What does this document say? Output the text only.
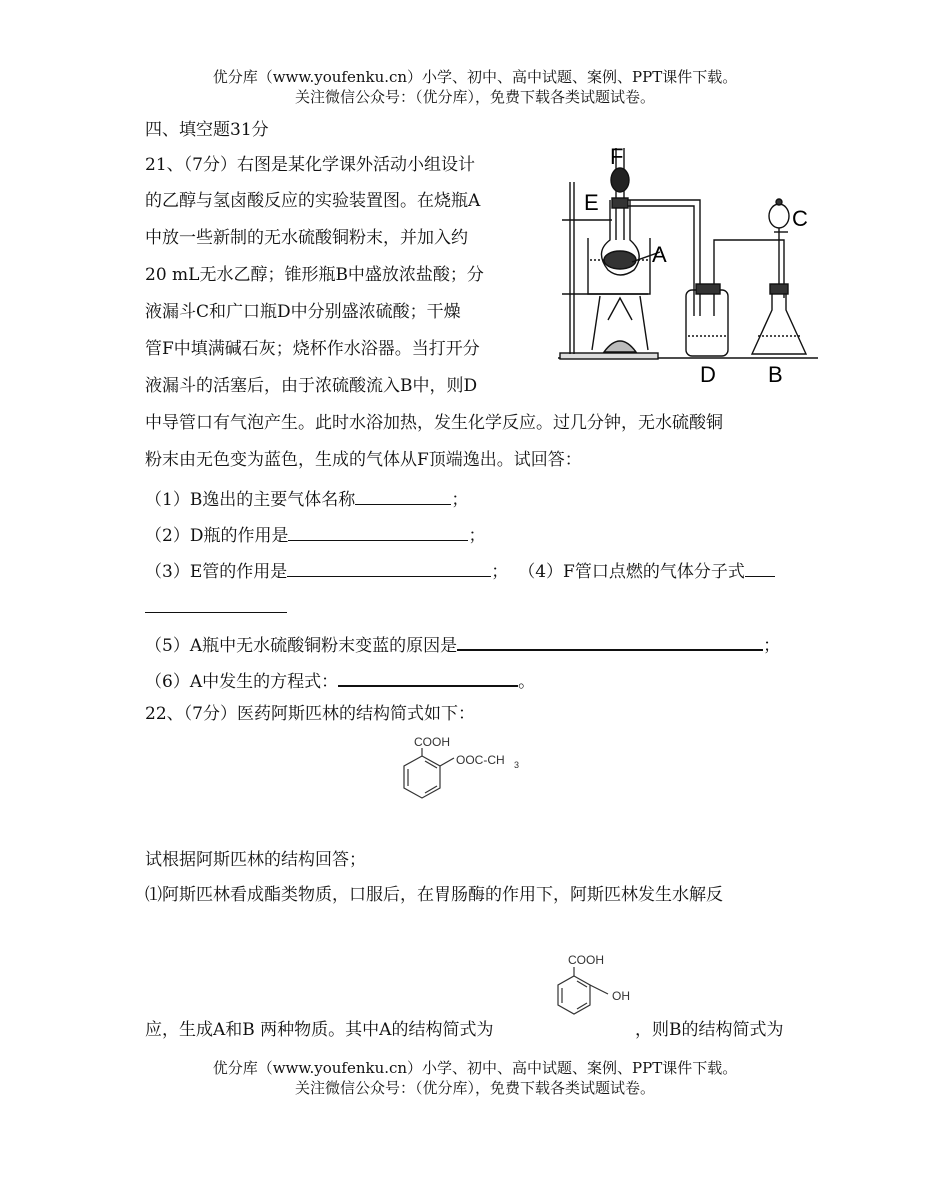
优分库（www.youfenku.cn）小学、初中、高中试题、案例、PPT课件下载。
关注微信公众号：（优分库），免费下载各类试题试卷。
四、填空题31分
21、（7分）右图是某化学课外活动小组设计
的乙醇与氢卤酸反应的实验装置图。在烧瓶A
中放一些新制的无水硫酸铜粉末，并加入约
20 mL无水乙醇；锥形瓶B中盛放浓盐酸；分
液漏斗C和广口瓶D中分别盛浓硫酸；干燥
管F中填满碱石灰；烧杯作水浴器。当打开分
液漏斗的活塞后，由于浓硫酸流入B中，则D
中导管口有气泡产生。此时水浴加热，发生化学反应。过几分钟，无水硫酸铜
粉末由无色变为蓝色，生成的气体从F顶端逸出。试回答：
F
E
A
C
D B
（1）B逸出的主要气体名称	；
（2）D瓶的作用是	；
（3）E管的作用是	； （4）F管口点燃的气体分子式
（5）A瓶中无水硫酸铜粉末变蓝的原因是	；
（6）A中发生的方程式：	。
22、（7分）医药阿斯匹林的结构简式如下：
COOH
OOC-CH 3
试根据阿斯匹林的结构回答；
⑴阿斯匹林看成酯类物质，口服后，在胃肠酶的作用下，阿斯匹林发生水解反
COOH
OH
应，生成A和B 两种物质。其中A的结构简式为	，则B的结构简式为
优分库（www.youfenku.cn）小学、初中、高中试题、案例、PPT课件下载。
关注微信公众号：（优分库），免费下载各类试题试卷。
